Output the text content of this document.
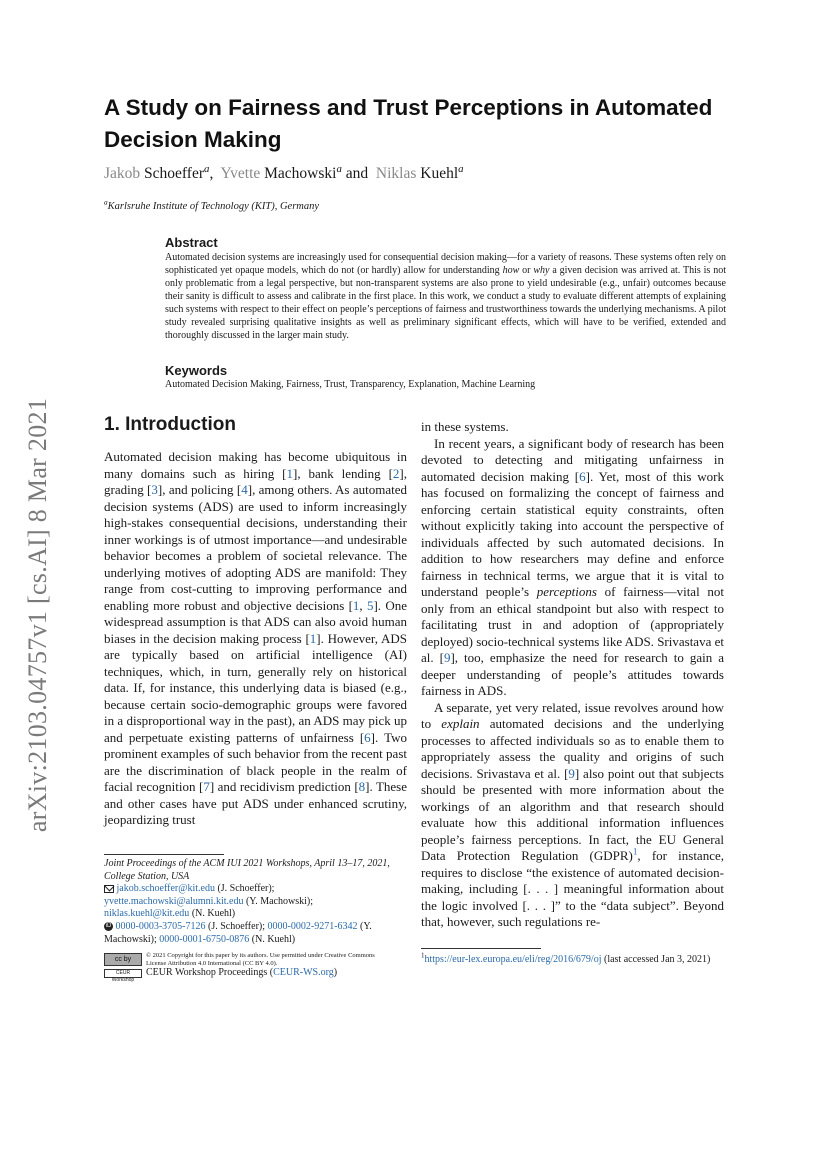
arXiv:2103.04757v1 [cs.AI] 8 Mar 2021
A Study on Fairness and Trust Perceptions in Automated Decision Making
Jakob Schoeffer$^a$,  Yvette Machowski$^a$ and  Niklas Kuehl$^a$
$^a$Karlsruhe Institute of Technology (KIT), Germany
Abstract
Automated decision systems are increasingly used for consequential decision making—for a variety of reasons. These systems often rely on sophisticated yet opaque models, which do not (or hardly) allow for understanding how or why a given decision was arrived at. This is not only problematic from a legal perspective, but non-transparent systems are also prone to yield undesirable (e.g., unfair) outcomes because their sanity is difficult to assess and calibrate in the first place. In this work, we conduct a study to evaluate different attempts of explaining such systems with respect to their effect on people’s perceptions of fairness and trustworthiness towards the underlying mechanisms. A pilot study revealed surprising qualitative insights as well as preliminary significant effects, which will have to be verified, extended and thoroughly discussed in the larger main study.
Keywords
Automated Decision Making, Fairness, Trust, Transparency, Explanation, Machine Learning
1. Introduction

Automated decision making has become ubiquitous in many domains such as hiring [1], bank lending [2], grading [3], and policing [4], among others. As automated decision systems (ADS) are used to inform increasingly high-stakes consequential decisions, understanding their inner workings is of utmost importance—and undesirable behavior becomes a problem of societal relevance. The underlying motives of adopting ADS are manifold: They range from cost-cutting to improving performance and enabling more robust and objective decisions [1, 5]. One widespread assumption is that ADS can also avoid human biases in the decision making process [1]. However, ADS are typically based on artificial intelligence (AI) techniques, which, in turn, generally rely on historical data. If, for instance, this underlying data is biased (e.g., because certain socio-demographic groups were favored in a disproportional way in the past), an ADS may pick up and perpetuate existing patterns of unfairness [6]. Two prominent examples of such behavior from the recent past are the discrimination of black people in the realm of facial recognition [7] and recidivism prediction [8]. These and other cases have put ADS under enhanced scrutiny, jeopardizing trust

in these systems.

In recent years, a significant body of research has been devoted to detecting and mitigating unfairness in automated decision making [6]. Yet, most of this work has focused on formalizing the concept of fairness and enforcing certain statistical equity constraints, often without explicitly taking into account the perspective of individuals affected by such automated decisions. In addition to how researchers may define and enforce fairness in technical terms, we argue that it is vital to understand people’s perceptions of fairness—vital not only from an ethical standpoint but also with respect to facilitating trust in and adoption of (appropriately deployed) socio-technical systems like ADS. Srivastava et al. [9], too, emphasize the need for research to gain a deeper understanding of people’s attitudes towards fairness in ADS.

A separate, yet very related, issue revolves around how to explain automated decisions and the underlying processes to affected individuals so as to enable them to appropriately assess the quality and origins of such decisions. Srivastava et al. [9] also point out that subjects should be presented with more information about the workings of an algorithm and that research should evaluate how this additional information influences people’s fairness perceptions. In fact, the EU General Data Protection Regulation (GDPR)$^1$, for instance, requires to disclose “the existence of automated decision-making, including [. . . ] meaningful information about the logic involved [. . . ]” to the “data subject”. Beyond that, however, such regulations re-

Joint Proceedings of the ACM IUI 2021 Workshops, April 13–17, 2021, College Station, USA
jakob.schoeffer@kit.edu (J. Schoeffer);
yvette.machowski@alumni.kit.edu (Y. Machowski);
niklas.kuehl@kit.edu (N. Kuehl)
iD 0000-0003-3705-7126 (J. Schoeffer); 0000-0002-9271-6342 (Y. Machowski); 0000-0001-6750-0876 (N. Kuehl)
cc by
© 2021 Copyright for this paper by its authors. Use permitted under Creative Commons License Attribution 4.0 International (CC BY 4.0).
CEUR Workshop
CEUR Workshop Proceedings (CEUR-WS.org)
$^1$https://eur-lex.europa.eu/eli/reg/2016/679/oj (last accessed Jan 3, 2021)
